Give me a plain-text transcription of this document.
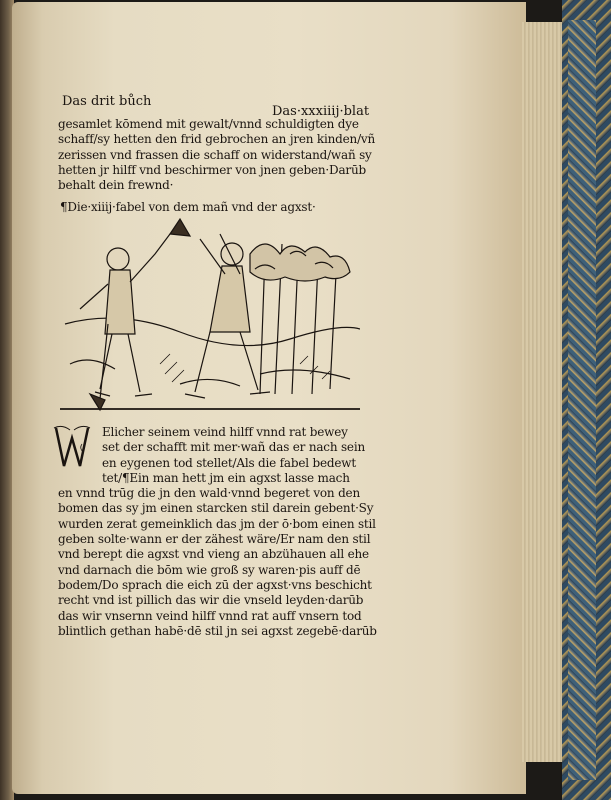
Das drit bůch
Das·xxxiiij·blat
gesamlet kōmend mit gewalt/vnnd schuldigten dye
schaff/sy hetten den frid gebrochen an jren kinden/vñ
zerissen vnd frassen die schaff on widerstand/wañ sy
hetten jr hilff vnd beschirmer von jnen geben·Darūb
behalt dein frewnd·
¶Die·xiiij·fabel von dem mañ vnd der agxst·
Elicher seinem veind hilff vnnd rat bewey
set der schafft mit mer·wañ das er nach sein
en eygenen tod stellet/Als die fabel bedewt
tet/¶Ein man hett jm ein agxst lasse mach
en vnnd trūg die jn den wald·vnnd begeret von den
bomen das sy jm einen starcken stil darein gebent·Sy
wurden zerat gemeinklich das jm der ō·bom einen stil
geben solte·wann er der zähest wäre/Er nam den stil
vnd berept die agxst vnd vieng an abzühauen all ehe
vnd darnach die bōm wie groß sy waren·pis auff dē
bodem/Do sprach die eich zū der agxst·vns beschicht
recht vnd ist pillich das wir die vnseld leyden·darūb
das wir vnsernn veind hilff vnnd rat auff vnsern tod
blintlich gethan habē·dē stil jn sei agxst zegebē·darūb
